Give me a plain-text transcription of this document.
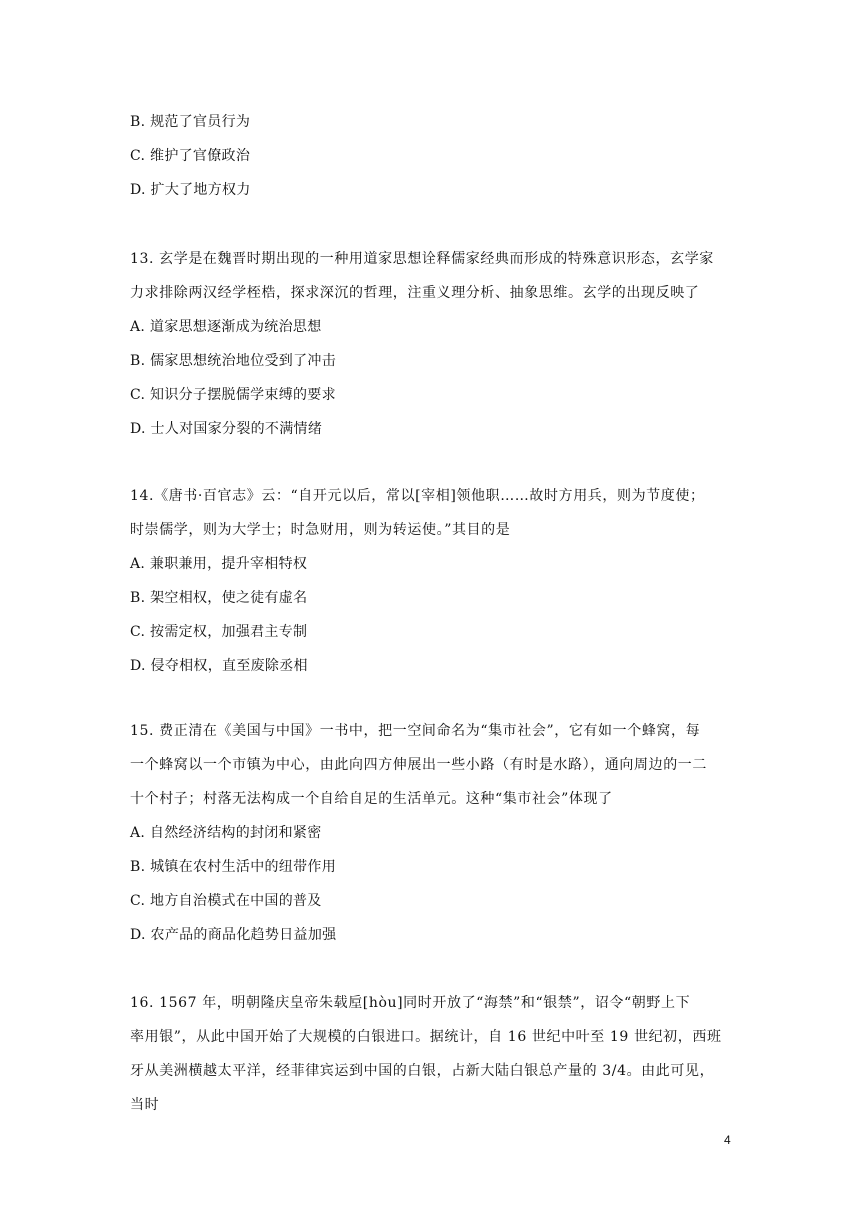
B. 规范了官员行为
C. 维护了官僚政治
D. 扩大了地方权力
13. 玄学是在魏晋时期出现的一种用道家思想诠释儒家经典而形成的特殊意识形态，玄学家
力求排除两汉经学桎梏，探求深沉的哲理，注重义理分析、抽象思维。玄学的出现反映了
A. 道家思想逐渐成为统治思想
B. 儒家思想统治地位受到了冲击
C. 知识分子摆脱儒学束缚的要求
D. 士人对国家分裂的不满情绪
14.《唐书·百官志》云：“自开元以后，常以[宰相]领他职……故时方用兵，则为节度使；
时崇儒学，则为大学士；时急财用，则为转运使。”其目的是
A. 兼职兼用，提升宰相特权
B. 架空相权，使之徒有虚名
C. 按需定权，加强君主专制
D. 侵夺相权，直至废除丞相
15. 费正清在《美国与中国》一书中，把一空间命名为“集市社会”，它有如一个蜂窝，每
一个蜂窝以一个市镇为中心，由此向四方伸展出一些小路（有时是水路），通向周边的一二
十个村子；村落无法构成一个自给自足的生活单元。这种“集市社会”体现了
A. 自然经济结构的封闭和紧密
B. 城镇在农村生活中的纽带作用
C. 地方自治模式在中国的普及
D. 农产品的商品化趋势日益加强
16. 1567 年，明朝隆庆皇帝朱载垕[hòu]同时开放了“海禁”和“银禁”，诏令“朝野上下
率用银”，从此中国开始了大规模的白银进口。据统计，自 16 世纪中叶至 19 世纪初，西班
牙从美洲横越太平洋，经菲律宾运到中国的白银，占新大陆白银总产量的 3/4。由此可见，
当时
4
